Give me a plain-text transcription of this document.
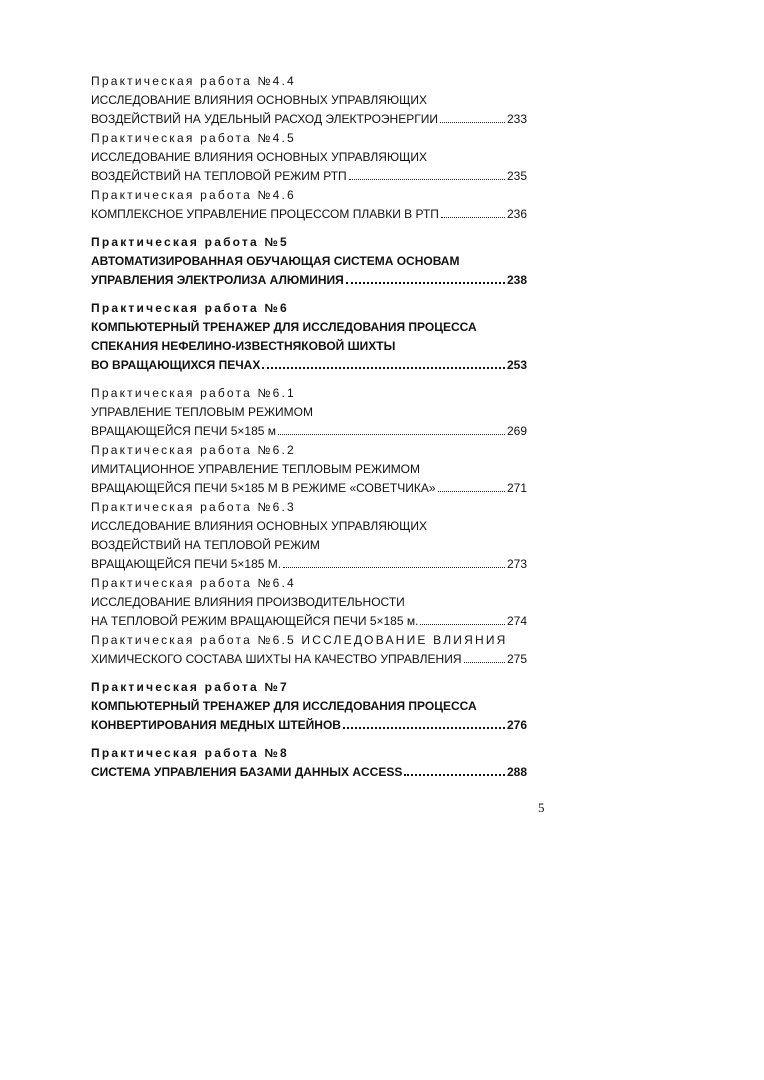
Практическая работа №4.4
ИССЛЕДОВАНИЕ ВЛИЯНИЯ ОСНОВНЫХ УПРАВЛЯЮЩИХ
ВОЗДЕЙСТВИЙ НА УДЕЛЬНЫЙ РАСХОД ЭЛЕКТРОЭНЕРГИИ	233
Практическая работа №4.5
ИССЛЕДОВАНИЕ ВЛИЯНИЯ ОСНОВНЫХ УПРАВЛЯЮЩИХ
ВОЗДЕЙСТВИЙ НА ТЕПЛОВОЙ РЕЖИМ РТП	235
Практическая работа №4.6
КОМПЛЕКСНОЕ УПРАВЛЕНИЕ ПРОЦЕССОМ ПЛАВКИ В РТП	236
Практическая работа №5
АВТОМАТИЗИРОВАННАЯ ОБУЧАЮЩАЯ СИСТЕМА ОСНОВАМ
УПРАВЛЕНИЯ ЭЛЕКТРОЛИЗА АЛЮМИНИЯ	238
Практическая работа №6
КОМПЬЮТЕРНЫЙ ТРЕНАЖЕР ДЛЯ ИССЛЕДОВАНИЯ ПРОЦЕССА
СПЕКАНИЯ НЕФЕЛИНО-ИЗВЕСТНЯКОВОЙ ШИХТЫ
ВО ВРАЩАЮЩИХСЯ ПЕЧАХ	253
Практическая работа №6.1
УПРАВЛЕНИЕ ТЕПЛОВЫМ РЕЖИМОМ
ВРАЩАЮЩЕЙСЯ ПЕЧИ 5×185 м	269
Практическая работа №6.2
ИМИТАЦИОННОЕ УПРАВЛЕНИЕ ТЕПЛОВЫМ РЕЖИМОМ
ВРАЩАЮЩЕЙСЯ ПЕЧИ 5×185 М В РЕЖИМЕ «СОВЕТЧИКА»	271
Практическая работа №6.3
ИССЛЕДОВАНИЕ ВЛИЯНИЯ ОСНОВНЫХ УПРАВЛЯЮЩИХ
ВОЗДЕЙСТВИЙ НА ТЕПЛОВОЙ РЕЖИМ
ВРАЩАЮЩЕЙСЯ ПЕЧИ 5×185 М.	273
Практическая работа №6.4
ИССЛЕДОВАНИЕ ВЛИЯНИЯ ПРОИЗВОДИТЕЛЬНОСТИ
НА ТЕПЛОВОЙ РЕЖИМ ВРАЩАЮЩЕЙСЯ ПЕЧИ 5×185 м.	274
Практическая работа №6.5 ИССЛЕДОВАНИЕ ВЛИЯНИЯ
ХИМИЧЕСКОГО СОСТАВА ШИХТЫ НА КАЧЕСТВО УПРАВЛЕНИЯ	275
Практическая работа №7
КОМПЬЮТЕРНЫЙ ТРЕНАЖЕР ДЛЯ ИССЛЕДОВАНИЯ ПРОЦЕССА
КОНВЕРТИРОВАНИЯ МЕДНЫХ ШТЕЙНОВ	276
Практическая работа №8
СИСТЕМА УПРАВЛЕНИЯ БАЗАМИ ДАННЫХ ACCESS	288
5
